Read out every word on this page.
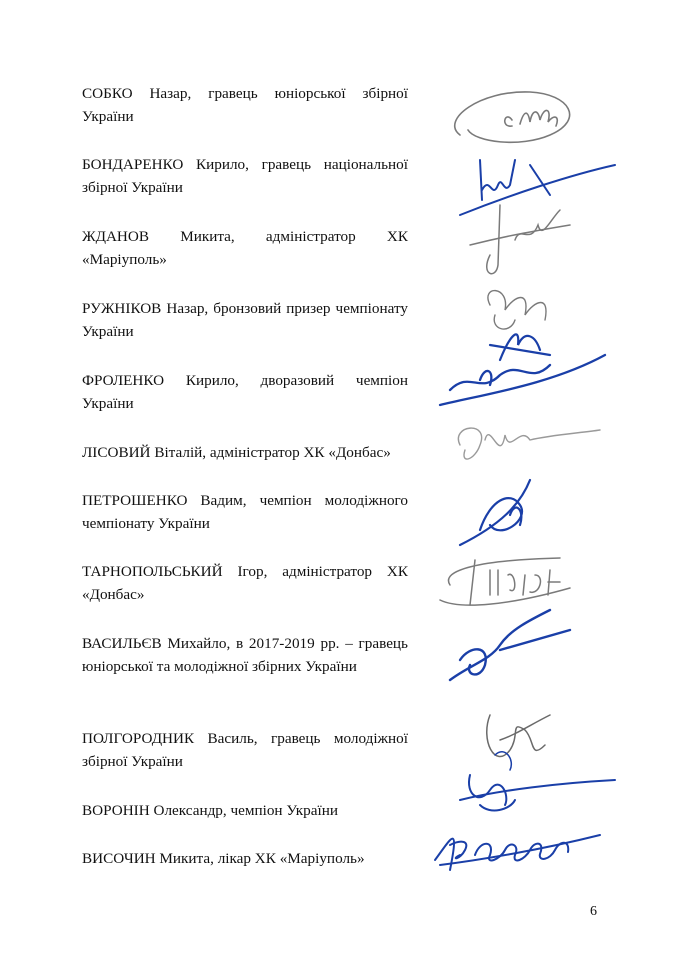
СОБКО Назар, гравець юніорської збірної України
БОНДАРЕНКО Кирило, гравець національної збірної України
ЖДАНОВ Микита, адміністратор ХК «Маріуполь»
РУЖНІКОВ Назар, бронзовий призер чемпіонату України
ФРОЛЕНКО Кирило, дворазовий чемпіон України
ЛІСОВИЙ Віталій, адміністратор ХК «Донбас»
ПЕТРОШЕНКО Вадим, чемпіон молодіжного чемпіонату України
ТАРНОПОЛЬСЬКИЙ Ігор, адміністратор ХК «Донбас»
ВАСИЛЬЄВ Михайло, в 2017-2019 рр. – гравець юніорської та молодіжної збірних України
ПОЛГОРОДНИК Василь, гравець молодіжної збірної України
ВОРОНІН Олександр, чемпіон України
ВИСОЧИН Микита, лікар ХК «Маріуполь»
6
